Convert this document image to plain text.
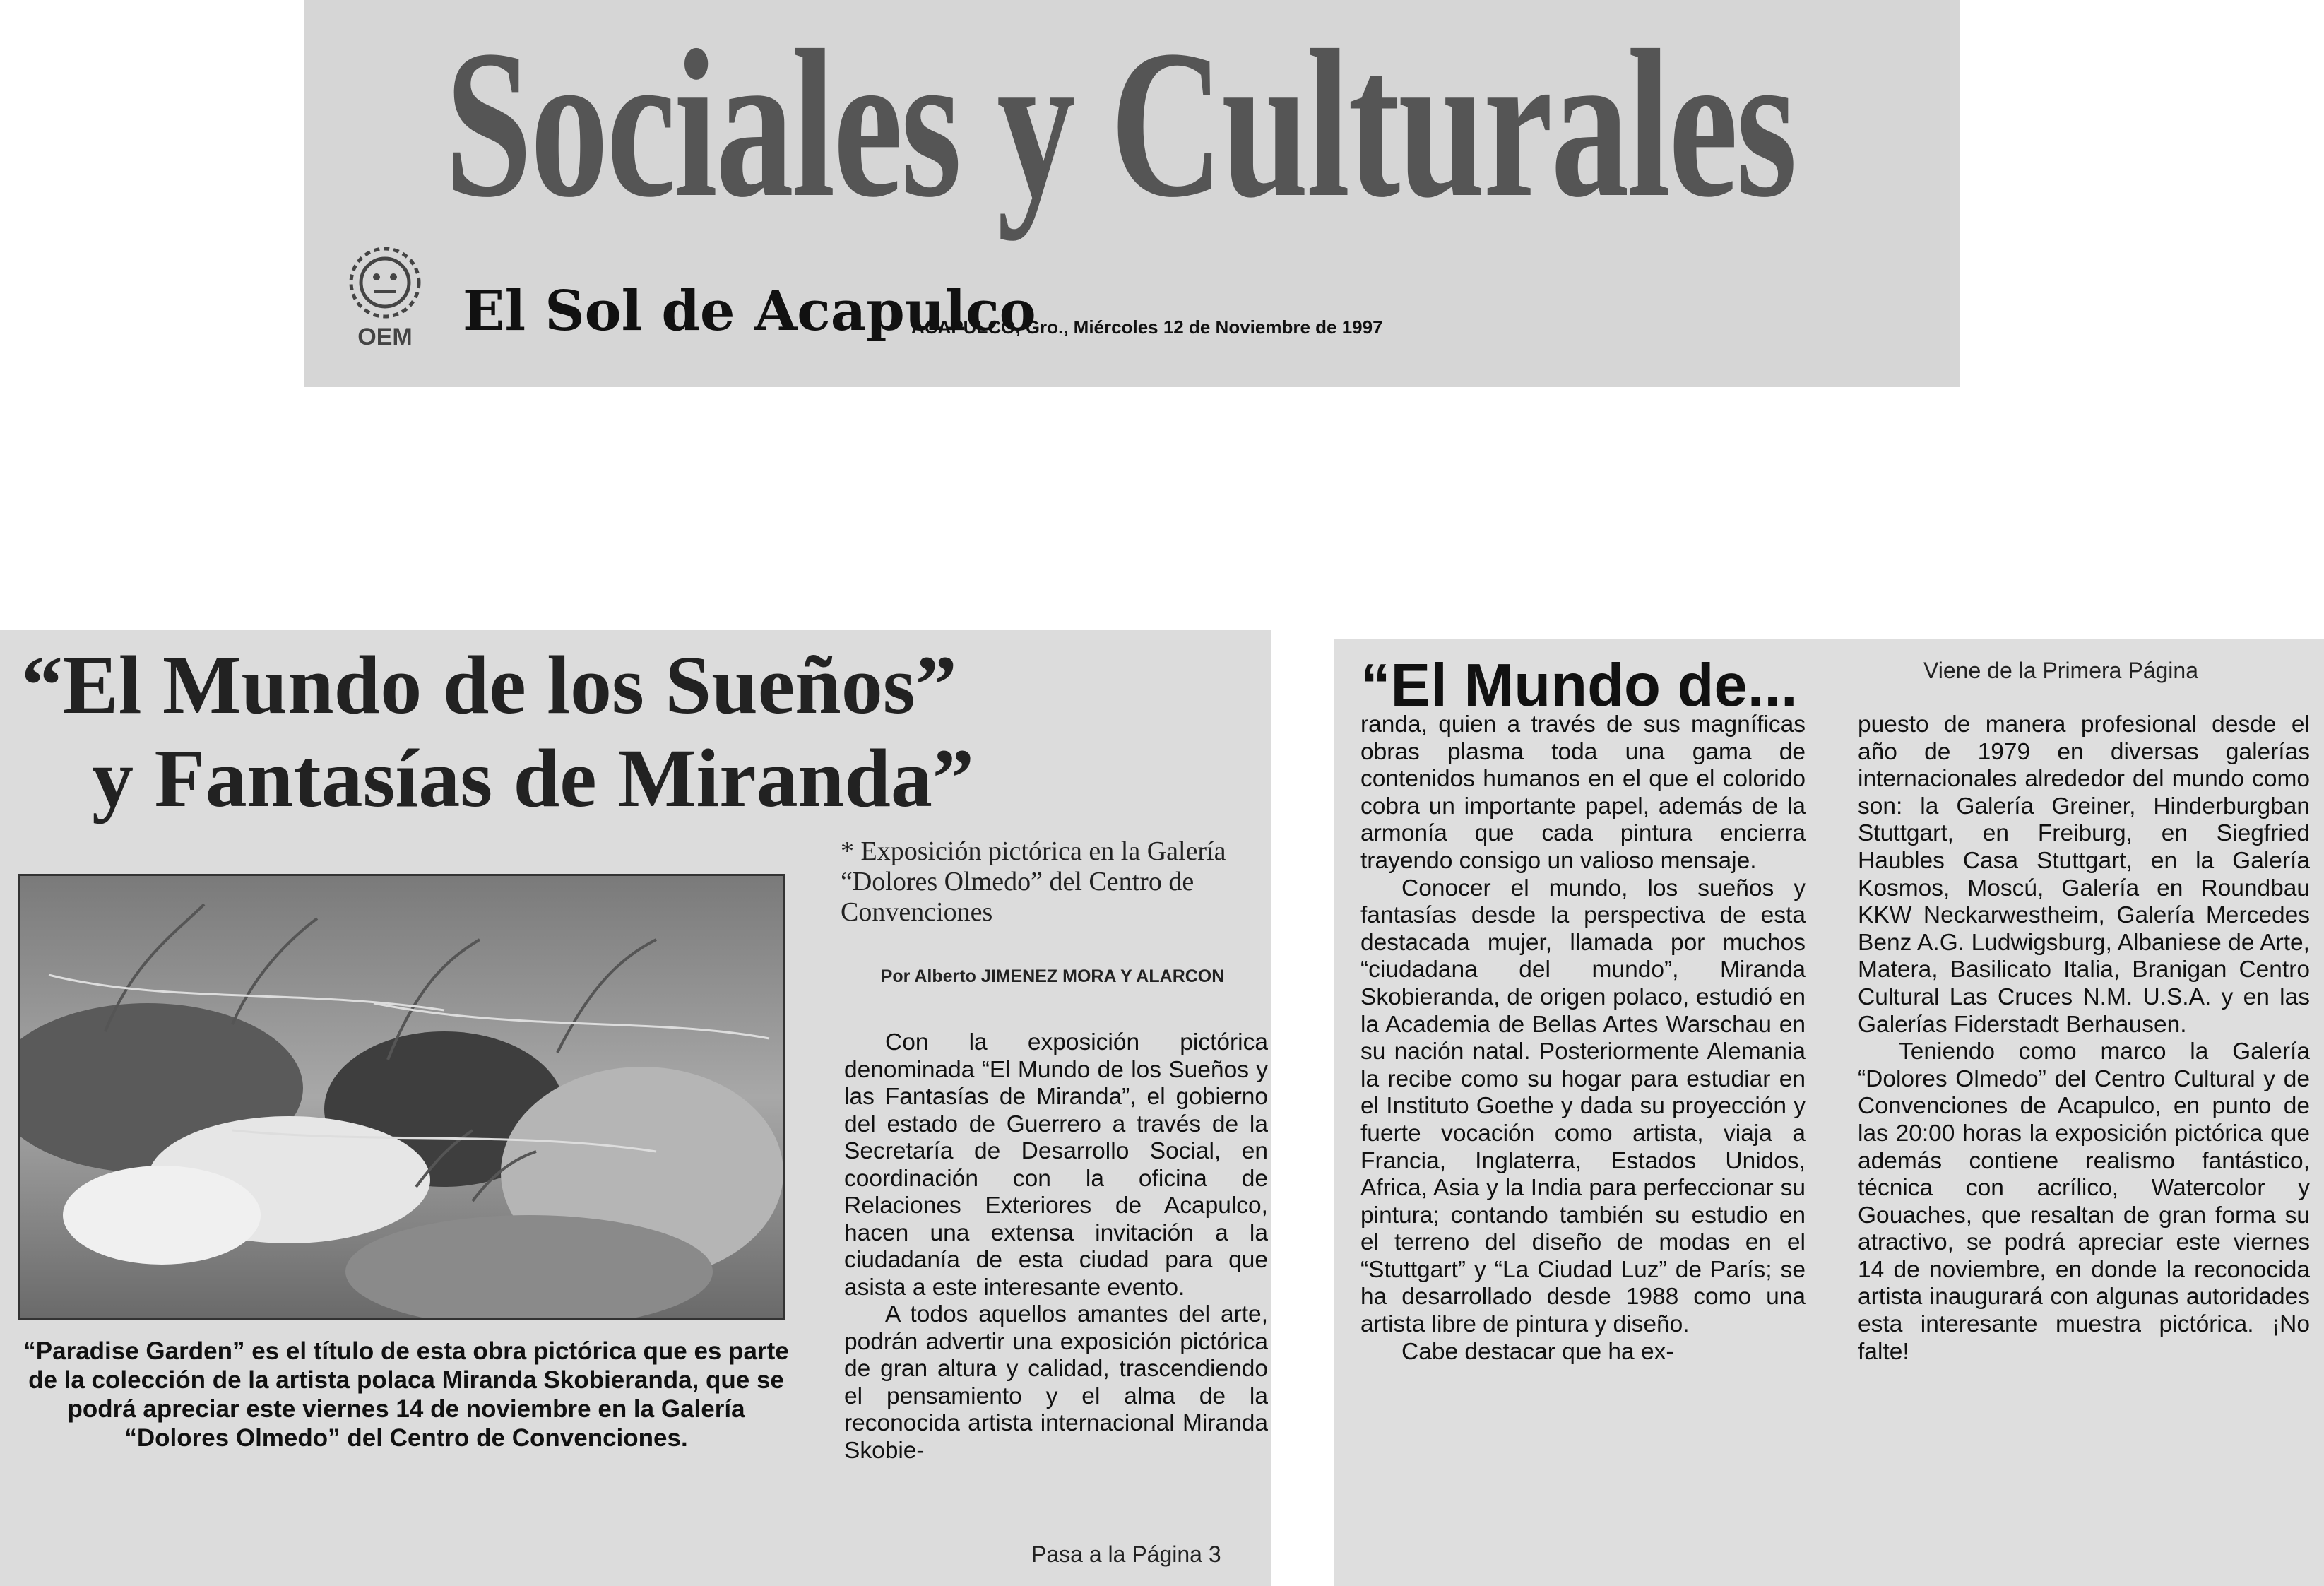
Sociales y Culturales
OEM El Sol de Acapulco
ACAPULCO, Gro., Miércoles 12 de Noviembre de 1997
“El Mundo de los Sueños”
y Fantasías de Miranda”
“Paradise Garden” es el título de esta obra pictórica que es parte de la colección de la artista polaca Miranda Skobieranda, que se podrá apreciar este viernes 14 de noviembre en la Galería “Dolores Olmedo” del Centro de Convenciones.
* Exposición pictórica en la Galería “Dolores Olmedo” del Centro de Convenciones
Por Alberto JIMENEZ MORA Y ALARCON

Con la exposición pictórica denominada “El Mundo de los Sueños y las Fantasías de Miranda”, el gobierno del estado de Guerrero a través de la Secretaría de Desarrollo Social, en coordinación con la oficina de Relaciones Exteriores de Acapulco, hacen una extensa invitación a la ciudadanía de esta ciudad para que asista a este interesante evento.

A todos aquellos amantes del arte, podrán advertir una exposición pictórica de gran altura y calidad, trascendiendo el pensamiento y el alma de la reconocida artista internacional Miranda Skobie-

Pasa a la Página 3
“El Mundo de...	Viene de la Primera Página

randa, quien a través de sus magníficas obras plasma toda una gama de contenidos humanos en el que el colorido cobra un importante papel, además de la armonía que cada pintura encierra trayendo consigo un valioso mensaje.

Conocer el mundo, los sueños y fantasías desde la perspectiva de esta destacada mujer, llamada por muchos “ciudadana del mundo”, Miranda Skobieranda, de origen polaco, estudió en la Academia de Bellas Artes Warschau en su nación natal. Posteriormente Alemania la recibe como su hogar para estudiar en el Instituto Goethe y dada su proyección y fuerte vocación como artista, viaja a Francia, Inglaterra, Estados Unidos, Africa, Asia y la India para perfeccionar su pintura; contando también su estudio en el terreno del diseño de modas en el “Stuttgart” y “La Ciudad Luz” de París; se ha desarrollado desde 1988 como una artista libre de pintura y diseño.

Cabe destacar que ha ex-

puesto de manera profesional desde el año de 1979 en diversas galerías internacionales alrededor del mundo como son: la Galería Greiner, Hinderburgban Stuttgart, en Freiburg, en Siegfried Haubles Casa Stuttgart, en la Galería Kosmos, Moscú, Galería en Roundbau KKW Neckarwestheim, Galería Mercedes Benz A.G. Ludwigsburg, Albaniese de Arte, Matera, Basilicato Italia, Branigan Centro Cultural Las Cruces N.M. U.S.A. y en las Galerías Fiderstadt Berhausen.

Teniendo como marco la Galería “Dolores Olmedo” del Centro Cultural y de Convenciones de Acapulco, en punto de las 20:00 horas la exposición pictórica que además contiene realismo fantástico, técnica con acrílico, Watercolor y Gouaches, que resaltan de gran forma su atractivo, se podrá apreciar este viernes 14 de noviembre, en donde la reconocida artista inaugurará con algunas autoridades esta interesante muestra pictórica. ¡No falte!
